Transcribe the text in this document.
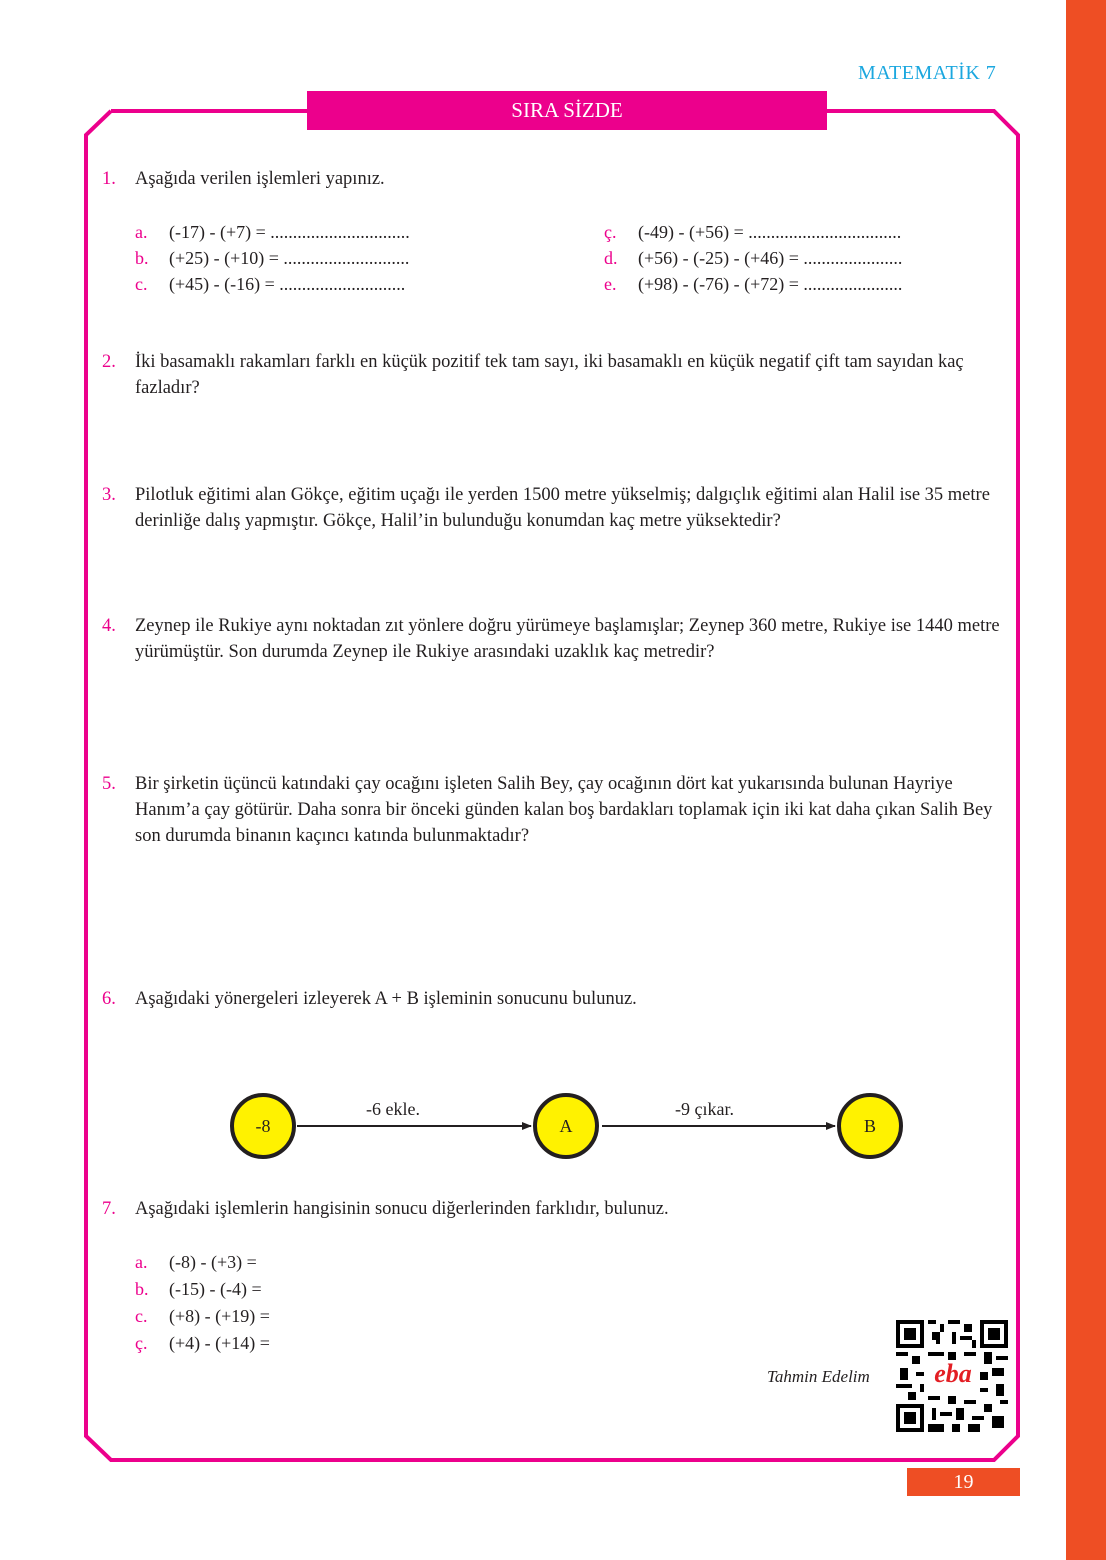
MATEMATİK 7
SIRA SİZDE
1. Aşağıda verilen işlemleri yapınız.
a. (-17) - (+7) = ...............................
b. (+25) - (+10) = ............................
c. (+45) - (-16) = ............................
ç. (-49) - (+56) = ..................................
d. (+56) - (-25) - (+46) = ......................
e. (+98) - (-76) - (+72) = ......................
2. İki basamaklı rakamları farklı en küçük pozitif tek tam sayı, iki basamaklı en küçük negatif çift tam sayıdan kaç fazladır?
3. Pilotluk eğitimi alan Gökçe, eğitim uçağı ile yerden 1500 metre yükselmiş; dalgıçlık eğitimi alan Halil ise 35 metre derinliğe dalış yapmıştır. Gökçe, Halil’in bulunduğu konumdan kaç metre yüksektedir?
4. Zeynep ile Rukiye aynı noktadan zıt yönlere doğru yürümeye başlamışlar; Zeynep 360 metre, Rukiye ise 1440 metre yürümüştür. Son durumda Zeynep ile Rukiye arasındaki uzaklık kaç metredir?
5. Bir şirketin üçüncü katındaki çay ocağını işleten Salih Bey, çay ocağının dört kat yukarısında bulunan Hayriye Hanım’a çay götürür. Daha sonra bir önceki günden kalan boş bardakları toplamak için iki kat daha çıkan Salih Bey son durumda binanın kaçıncı katında bulunmaktadır?
6. Aşağıdaki yönergeleri izleyerek A + B işleminin sonucunu bulunuz.
-8	A	B
-6 ekle.	-9 çıkar.
7. Aşağıdaki işlemlerin hangisinin sonucu diğerlerinden farklıdır, bulunuz.
a. (-8) - (+3) =
b. (-15) - (-4) =
c. (+8) - (+19) =
ç. (+4) - (+14) =
Tahmin Edelim	eba
19
